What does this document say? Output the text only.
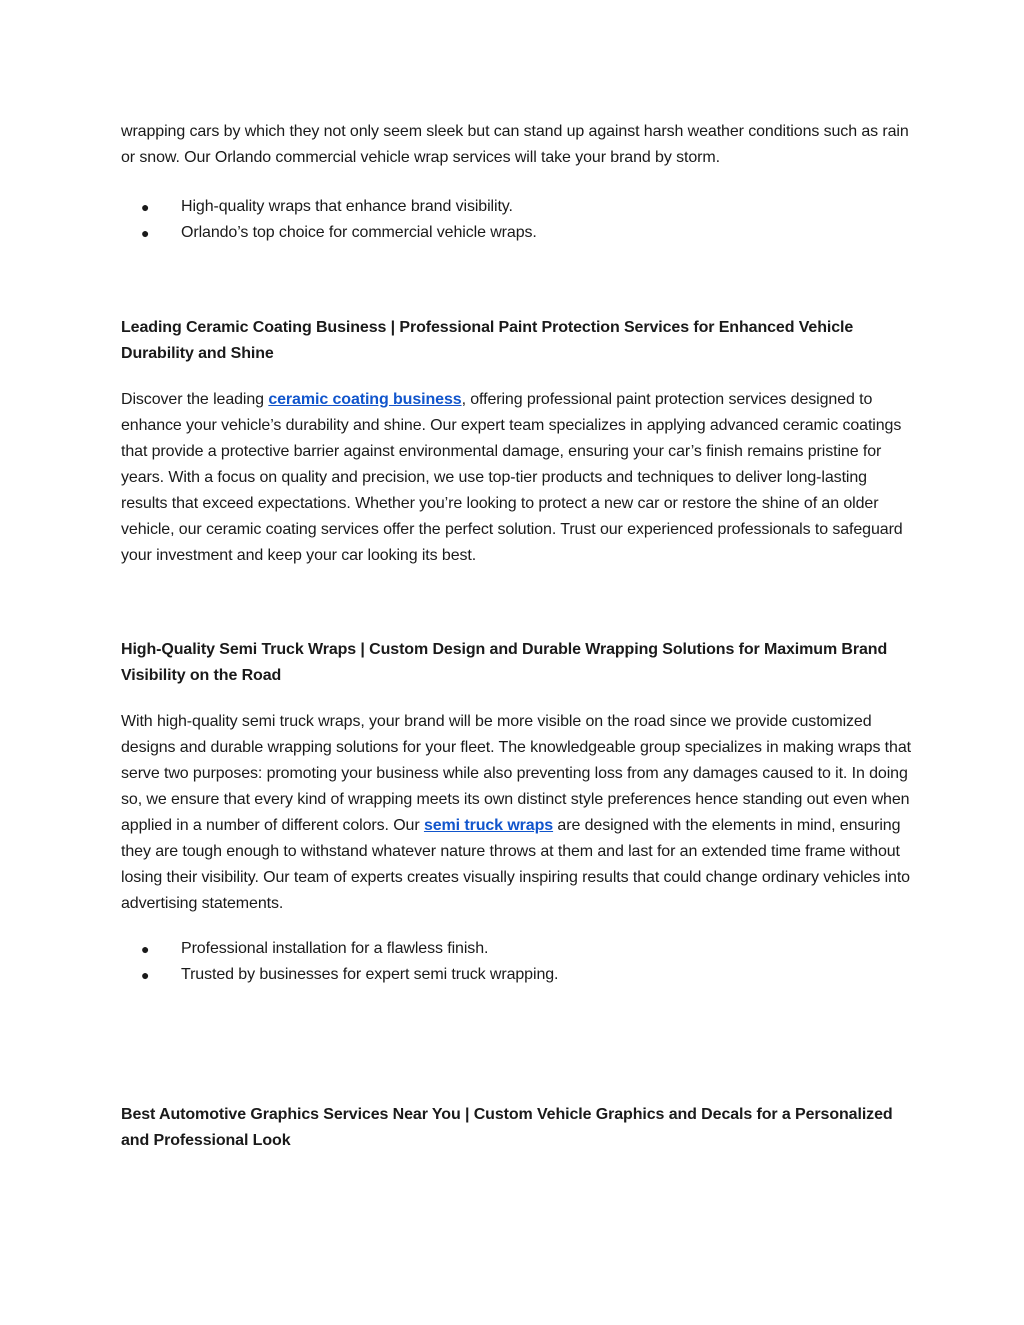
wrapping cars by which they not only seem sleek but can stand up against harsh weather conditions such as rain or snow. Our Orlando commercial vehicle wrap services will take your brand by storm.

●	High-quality wraps that enhance brand visibility.
●	Orlando’s top choice for commercial vehicle wraps.
Leading Ceramic Coating Business | Professional Paint Protection Services for Enhanced Vehicle Durability and Shine

Discover the leading ceramic coating business, offering professional paint protection services designed to enhance your vehicle’s durability and shine. Our expert team specializes in applying advanced ceramic coatings that provide a protective barrier against environmental damage, ensuring your car’s finish remains pristine for years. With a focus on quality and precision, we use top-tier products and techniques to deliver long-lasting results that exceed expectations. Whether you’re looking to protect a new car or restore the shine of an older vehicle, our ceramic coating services offer the perfect solution. Trust our experienced professionals to safeguard your investment and keep your car looking its best.

High-Quality Semi Truck Wraps | Custom Design and Durable Wrapping Solutions for Maximum Brand Visibility on the Road

With high-quality semi truck wraps, your brand will be more visible on the road since we provide customized designs and durable wrapping solutions for your fleet. The knowledgeable group specializes in making wraps that serve two purposes: promoting your business while also preventing loss from any damages caused to it. In doing so, we ensure that every kind of wrapping meets its own distinct style preferences hence standing out even when applied in a number of different colors. Our semi truck wraps are designed with the elements in mind, ensuring they are tough enough to withstand whatever nature throws at them and last for an extended time frame without losing their visibility. Our team of experts creates visually inspiring results that could change ordinary vehicles into advertising statements.

●	Professional installation for a flawless finish.
●	Trusted by businesses for expert semi truck wrapping.
Best Automotive Graphics Services Near You | Custom Vehicle Graphics and Decals for a Personalized and Professional Look
